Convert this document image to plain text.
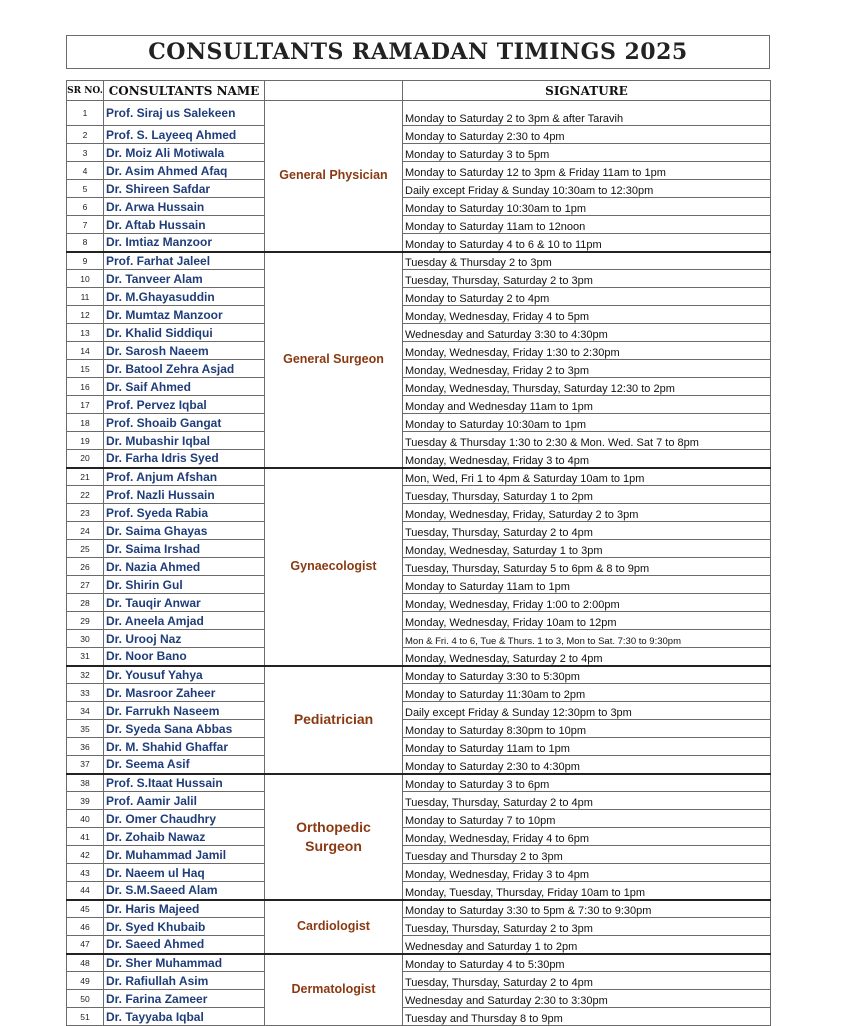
CONSULTANTS RAMADAN TIMINGS 2025
SR NO.	CONSULTANTS NAME		SIGNATURE
1	Prof. Siraj us Salekeen	General Physician	Monday to Saturday 2 to 3pm & after Taravih
2	Prof. S. Layeeq Ahmed		Monday to Saturday 2:30 to 4pm
3	Dr. Moiz Ali Motiwala		Monday to Saturday 3 to 5pm
4	Dr. Asim Ahmed Afaq		Monday to Saturday 12 to 3pm & Friday 11am to 1pm
5	Dr. Shireen Safdar		Daily except Friday & Sunday 10:30am to 12:30pm
6	Dr. Arwa Hussain		Monday to Saturday 10:30am to 1pm
7	Dr. Aftab Hussain		Monday to Saturday 11am to 12noon
8	Dr. Imtiaz Manzoor		Monday to Saturday 4 to 6 & 10 to 11pm
9	Prof. Farhat Jaleel	General Surgeon	Tuesday & Thursday 2 to 3pm
10	Dr. Tanveer Alam		Tuesday, Thursday, Saturday 2 to 3pm
11	Dr. M.Ghayasuddin		Monday to Saturday 2 to 4pm
12	Dr. Mumtaz Manzoor		Monday, Wednesday, Friday 4 to 5pm
13	Dr. Khalid Siddiqui		Wednesday and Saturday 3:30 to 4:30pm
14	Dr. Sarosh Naeem		Monday, Wednesday, Friday 1:30 to 2:30pm
15	Dr. Batool Zehra Asjad		Monday, Wednesday, Friday 2 to 3pm
16	Dr. Saif Ahmed		Monday, Wednesday, Thursday, Saturday 12:30 to 2pm
17	Prof. Pervez Iqbal		Monday and Wednesday 11am to 1pm
18	Prof. Shoaib Gangat		Monday to Saturday 10:30am to 1pm
19	Dr. Mubashir Iqbal		Tuesday & Thursday 1:30 to 2:30 & Mon. Wed. Sat 7 to 8pm
20	Dr. Farha Idris Syed		Monday, Wednesday, Friday 3 to 4pm
21	Prof. Anjum Afshan	Gynaecologist	Mon, Wed, Fri 1 to 4pm & Saturday 10am to 1pm
22	Prof. Nazli Hussain		Tuesday, Thursday, Saturday 1 to 2pm
23	Prof. Syeda Rabia		Monday, Wednesday, Friday, Saturday 2 to 3pm
24	Dr. Saima Ghayas		Tuesday, Thursday, Saturday 2 to 4pm
25	Dr. Saima Irshad		Monday, Wednesday, Saturday 1 to 3pm
26	Dr. Nazia Ahmed		Tuesday, Thursday, Saturday 5 to 6pm & 8 to 9pm
27	Dr. Shirin Gul		Monday to Saturday 11am to 1pm
28	Dr. Tauqir Anwar		Monday, Wednesday, Friday 1:00 to 2:00pm
29	Dr. Aneela Amjad		Monday, Wednesday, Friday 10am to 12pm
30	Dr. Urooj Naz		Mon & Fri. 4 to 6, Tue & Thurs. 1 to 3, Mon to Sat. 7:30 to 9:30pm
31	Dr. Noor Bano		Monday, Wednesday, Saturday 2 to 4pm
32	Dr. Yousuf Yahya	Pediatrician	Monday to Saturday 3:30 to 5:30pm
33	Dr. Masroor Zaheer		Monday to Saturday 11:30am to 2pm
34	Dr. Farrukh Naseem		Daily except Friday & Sunday 12:30pm to 3pm
35	Dr. Syeda Sana Abbas		Monday to Saturday 8:30pm to 10pm
36	Dr. M. Shahid Ghaffar		Monday to Saturday 11am to 1pm
37	Dr. Seema Asif		Monday to Saturday 2:30 to 4:30pm
38	Prof. S.Itaat Hussain	Orthopedic Surgeon	Monday to Saturday 3 to 6pm
39	Prof. Aamir Jalil		Tuesday, Thursday, Saturday 2 to 4pm
40	Dr. Omer Chaudhry		Monday to Saturday 7 to 10pm
41	Dr. Zohaib Nawaz		Monday, Wednesday, Friday 4 to 6pm
42	Dr. Muhammad Jamil		Tuesday and Thursday 2 to 3pm
43	Dr. Naeem ul Haq		Monday, Wednesday, Friday 3 to 4pm
44	Dr. S.M.Saeed Alam		Monday, Tuesday, Thursday, Friday 10am to 1pm
45	Dr. Haris Majeed	Cardiologist	Monday to Saturday 3:30 to 5pm & 7:30 to 9:30pm
46	Dr. Syed Khubaib		Tuesday, Thursday, Saturday 2 to 3pm
47	Dr. Saeed Ahmed		Wednesday and Saturday 1 to 2pm
48	Dr. Sher Muhammad	Dermatologist	Monday to Saturday 4 to 5:30pm
49	Dr. Rafiullah Asim		Tuesday, Thursday, Saturday 2 to 4pm
50	Dr. Farina Zameer		Wednesday and Saturday 2:30 to 3:30pm
51	Dr. Tayyaba Iqbal		Tuesday and Thursday 8 to 9pm
